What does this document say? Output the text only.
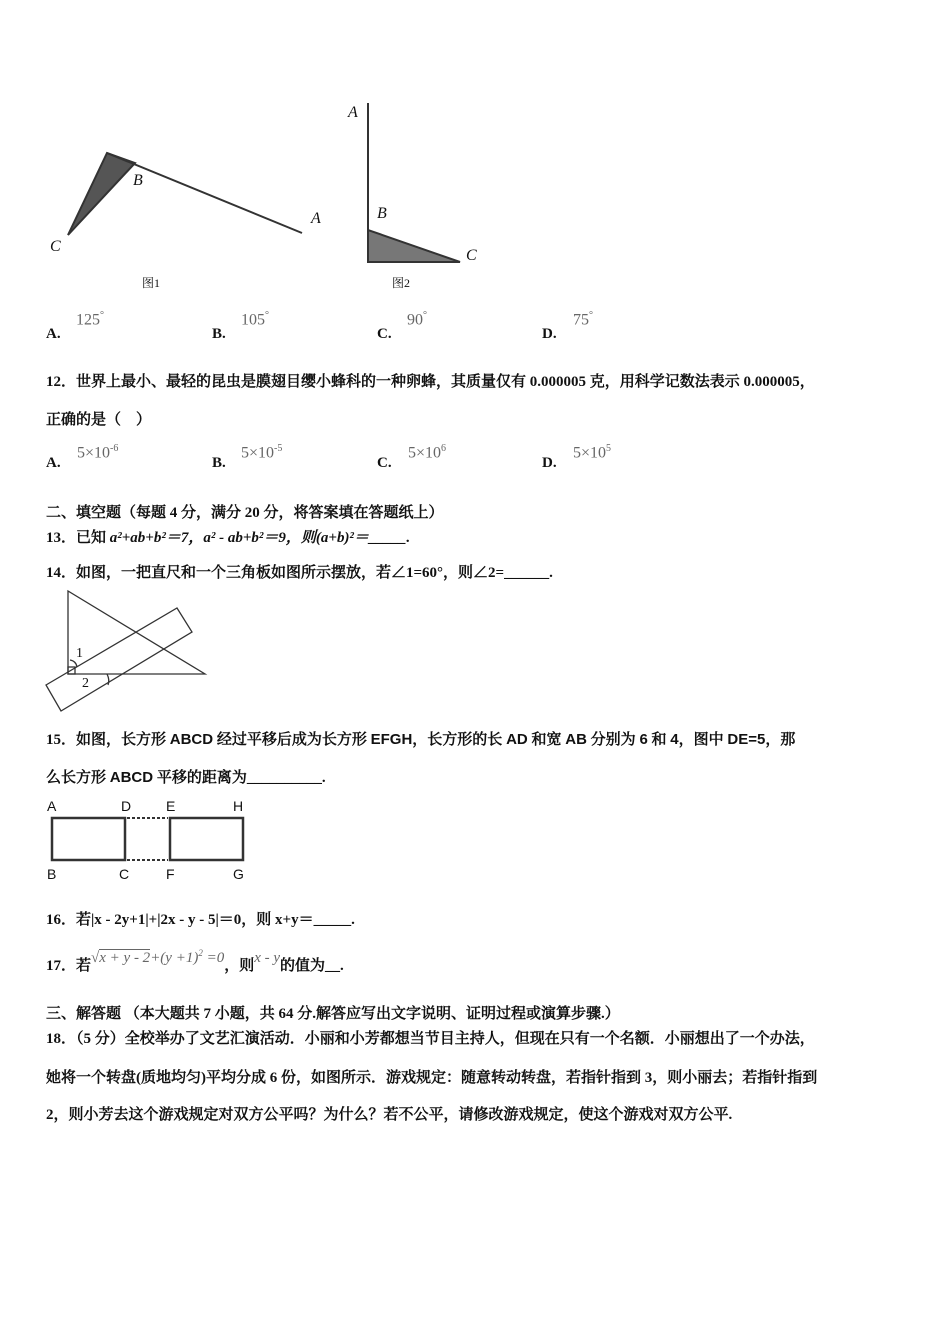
C
B
A
图1
A
B
C
图2
A.
125°
B.
105°
C.
90°
D.
75°
12．世界上最小、最轻的昆虫是膜翅目缨小蜂科的一种卵蜂，其质量仅有 0.000005 克，用科学记数法表示 0.000005，
正确的是（　）
A.
$5\times 10^{-6}$
B.
$5\times 10^{-5}$
C.
$5\times 10^6$
D.
$5\times 10^5$
二、填空题（每题 4 分，满分 20 分，将答案填在答题纸上）
13．已知 a²+ab+b²＝7，a² - ab+b²＝9，则(a+b)²＝_____.
14．如图，一把直尺和一个三角板如图所示摆放，若∠1=60°，则∠2=______.
1
2
15．如图，长方形 ABCD 经过平移后成为长方形 EFGH，长方形的长 AD 和宽 AB 分别为 6 和 4，图中 DE=5，那
么长方形 ABCD 平移的距离为__________.
A	D E	H
B	C	F	G
16．若|x - 2y+1|+|2x - y - 5|＝0，则 x+y＝_____.
17．若$√x + y - 2+(y +1)^2 =0$，则x - y的值为__.
三、解答题 （本大题共 7 小题，共 64 分.解答应写出文字说明、证明过程或演算步骤.）
18．（5 分）全校举办了文艺汇演活动．小丽和小芳都想当节目主持人，但现在只有一个名额．小丽想出了一个办法，
她将一个转盘(质地均匀)平均分成 6 份，如图所示．游戏规定：随意转动转盘，若指针指到 3，则小丽去；若指针指到
2，则小芳去这个游戏规定对双方公平吗？为什么？若不公平，请修改游戏规定，使这个游戏对双方公平.
